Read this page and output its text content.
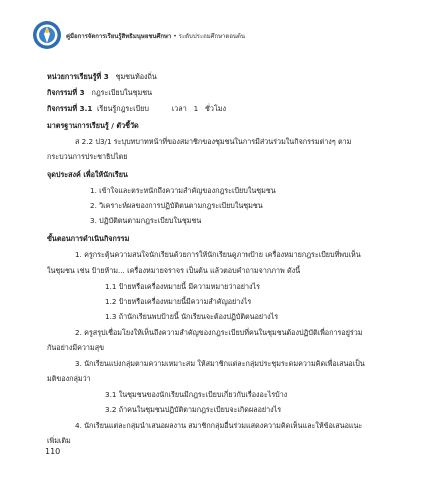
คู่มือการจัดการเรียนรู้สิทธิมนุษยชนศึกษา • ระดับประถมศึกษาตอนต้น
หน่วยการเรียนรู้ที่ 3 ชุมชนท้องถิ่น
กิจกรรมที่ 3 กฎระเบียบในชุมชน
กิจกรรมที่ 3.1 เรียนรู้กฎระเบียบ	เวลา 1 ชั่วโมง
มาตรฐานการเรียนรู้ / ตัวชี้วัด
ส 2.2 ป3/1 ระบุบทบาทหน้าที่ของสมาชิกของชุมชนในการมีส่วนร่วมในกิจกรรมต่างๆ ตาม
กระบวนการประชาธิปไตย
จุดประสงค์ เพื่อให้นักเรียน
1. เข้าใจและตระหนักถึงความสำคัญของกฎระเบียบในชุมชน
2. วิเคราะห์ผลของการปฏิบัติตนตามกฎระเบียบในชุมชน
3. ปฏิบัติตนตามกฎระเบียบในชุมชน
ขั้นตอนการดำเนินกิจกรรม
1. ครูกระตุ้นความสนใจนักเรียนด้วยการให้นักเรียนดูภาพป้าย เครื่องหมายกฎระเบียบที่พบเห็น
ในชุมชน เช่น ป้ายห้าม... เครื่องหมายจราจร เป็นต้น แล้วตอบคำถามจากภาพ ดังนี้
1.1 ป้ายหรือเครื่องหมายนี้ มีความหมายว่าอย่างไร
1.2 ป้ายหรือเครื่องหมายนี้มีความสำคัญอย่างไร
1.3 ถ้านักเรียนพบป้ายนี้ นักเรียนจะต้องปฏิบัติตนอย่างไร
2. ครูสรุปเชื่อมโยงให้เห็นถึงความสำคัญของกฎระเบียบที่คนในชุมชนต้องปฏิบัติเพื่อการอยู่ร่วม
กันอย่างมีความสุข
3. นักเรียนแบ่งกลุ่มตามความเหมาะสม ให้สมาชิกแต่ละกลุ่มประชุมระดมความคิดเพื่อเสนอเป็น
มติของกลุ่มว่า
3.1 ในชุมชนของนักเรียนมีกฎระเบียบเกี่ยวกับเรื่องอะไรบ้าง
3.2 ถ้าคนในชุมชนปฏิบัติตามกฎระเบียบจะเกิดผลอย่างไร
4. นักเรียนแต่ละกลุ่มนำเสนอผลงาน สมาชิกกลุ่มอื่นร่วมแสดงความคิดเห็นและให้ข้อเสนอแนะ
เพิ่มเติม
110
